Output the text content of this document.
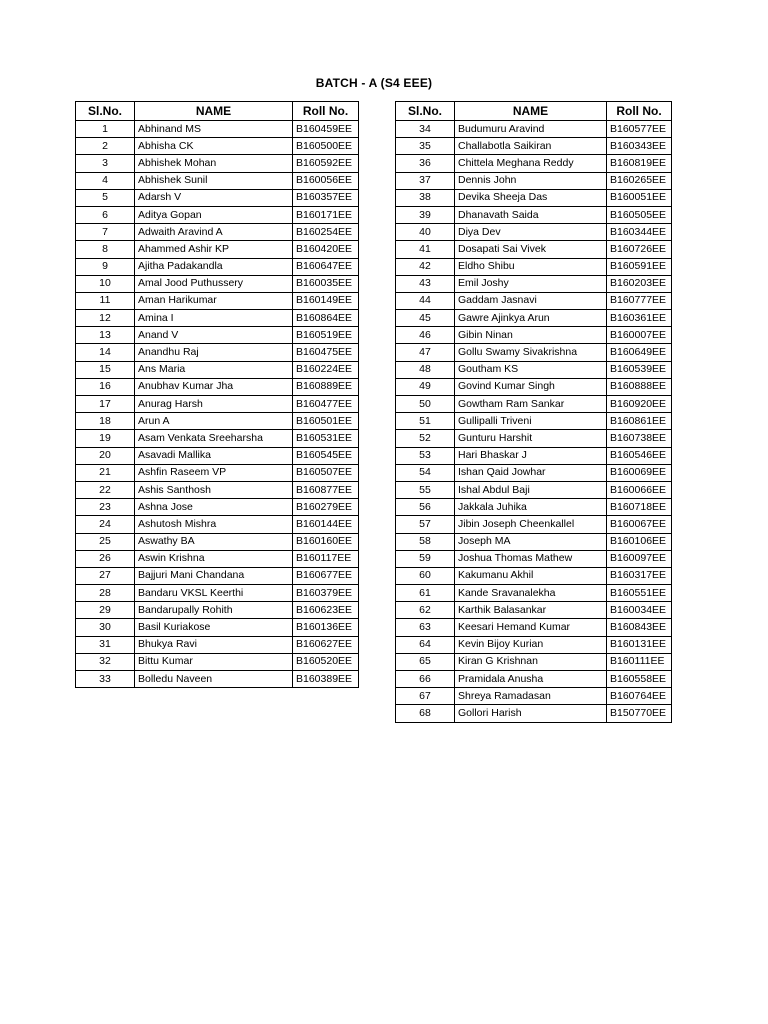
BATCH - A (S4 EEE)
Sl.No.	NAME	Roll No.
1	Abhinand MS	B160459EE
2	Abhisha CK	B160500EE
3	Abhishek Mohan	B160592EE
4	Abhishek Sunil	B160056EE
5	Adarsh V	B160357EE
6	Aditya Gopan	B160171EE
7	Adwaith Aravind A	B160254EE
8	Ahammed Ashir KP	B160420EE
9	Ajitha Padakandla	B160647EE
10	Amal Jood Puthussery	B160035EE
11	Aman Harikumar	B160149EE
12	Amina I	B160864EE
13	Anand V	B160519EE
14	Anandhu Raj	B160475EE
15	Ans Maria	B160224EE
16	Anubhav Kumar Jha	B160889EE
17	Anurag Harsh	B160477EE
18	Arun A	B160501EE
19	Asam Venkata Sreeharsha	B160531EE
20	Asavadi Mallika	B160545EE
21	Ashfin Raseem VP	B160507EE
22	Ashis Santhosh	B160877EE
23	Ashna Jose	B160279EE
24	Ashutosh Mishra	B160144EE
25	Aswathy BA	B160160EE
26	Aswin Krishna	B160117EE
27	Bajjuri Mani Chandana	B160677EE
28	Bandaru VKSL Keerthi	B160379EE
29	Bandarupally Rohith	B160623EE
30	Basil Kuriakose	B160136EE
31	Bhukya Ravi	B160627EE
32	Bittu Kumar	B160520EE
33	Bolledu Naveen	B160389EE
Sl.No.	NAME	Roll No.
34	Budumuru Aravind	B160577EE
35	Challabotla Saikiran	B160343EE
36	Chittela Meghana Reddy	B160819EE
37	Dennis John	B160265EE
38	Devika Sheeja Das	B160051EE
39	Dhanavath Saida	B160505EE
40	Diya Dev	B160344EE
41	Dosapati Sai Vivek	B160726EE
42	Eldho Shibu	B160591EE
43	Emil Joshy	B160203EE
44	Gaddam Jasnavi	B160777EE
45	Gawre Ajinkya Arun	B160361EE
46	Gibin Ninan	B160007EE
47	Gollu Swamy Sivakrishna	B160649EE
48	Goutham KS	B160539EE
49	Govind Kumar Singh	B160888EE
50	Gowtham Ram Sankar	B160920EE
51	Gullipalli Triveni	B160861EE
52	Gunturu Harshit	B160738EE
53	Hari Bhaskar J	B160546EE
54	Ishan Qaid Jowhar	B160069EE
55	Ishal Abdul Baji	B160066EE
56	Jakkala Juhika	B160718EE
57	Jibin Joseph Cheenkallel	B160067EE
58	Joseph MA	B160106EE
59	Joshua Thomas Mathew	B160097EE
60	Kakumanu Akhil	B160317EE
61	Kande Sravanalekha	B160551EE
62	Karthik Balasankar	B160034EE
63	Keesari Hemand Kumar	B160843EE
64	Kevin Bijoy Kurian	B160131EE
65	Kiran G Krishnan	B160111EE
66	Pramidala Anusha	B160558EE
67	Shreya Ramadasan	B160764EE
68	Gollori Harish	B150770EE
